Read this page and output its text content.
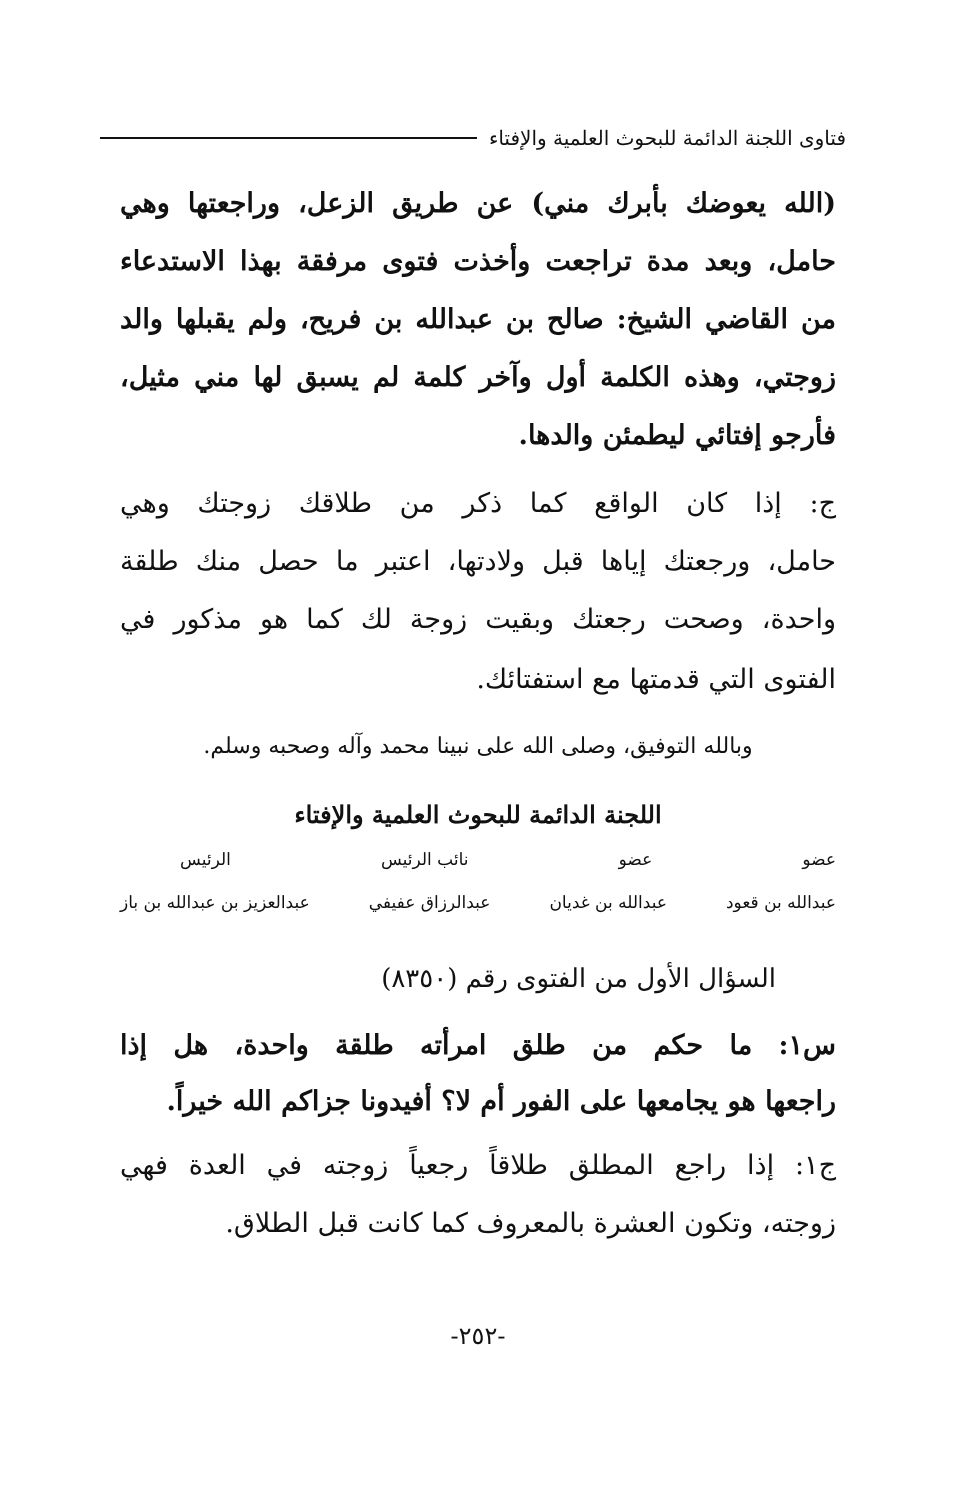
فتاوى اللجنة الدائمة للبحوث العلمية والإفتاء
(الله يعوضك بأبرك مني) عن طريق الزعل، وراجعتها وهي
حامل، وبعد مدة تراجعت وأخذت فتوى مرفقة بهذا الاستدعاء
من القاضي الشيخ: صالح بن عبدالله بن فريح، ولم يقبلها والد
زوجتي، وهذه الكلمة أول وآخر كلمة لم يسبق لها مني مثيل،
فأرجو إفتائي ليطمئن والدها.
ج: إذا كان الواقع كما ذكر من طلاقك زوجتك وهي
حامل، ورجعتك إياها قبل ولادتها، اعتبر ما حصل منك طلقة
واحدة، وصحت رجعتك وبقيت زوجة لك كما هو مذكور في
الفتوى التي قدمتها مع استفتائك.
وبالله التوفيق، وصلى الله على نبينا محمد وآله وصحبه وسلم.
اللجنة الدائمة للبحوث العلمية والإفتاء
عضو
عضو
نائب الرئيس
الرئيس
عبدالله بن قعود
عبدالله بن غديان
عبدالرزاق عفيفي
عبدالعزيز بن عبدالله بن باز
السؤال الأول من الفتوى رقم (٨٣٥٠)
س١: ما حكم من طلق امرأته طلقة واحدة، هل إذا
راجعها هو يجامعها على الفور أم لا؟ أفيدونا جزاكم الله خيراً.
ج١: إذا راجع المطلق طلاقاً رجعياً زوجته في العدة فهي
زوجته، وتكون العشرة بالمعروف كما كانت قبل الطلاق.
-٢٥٢-
